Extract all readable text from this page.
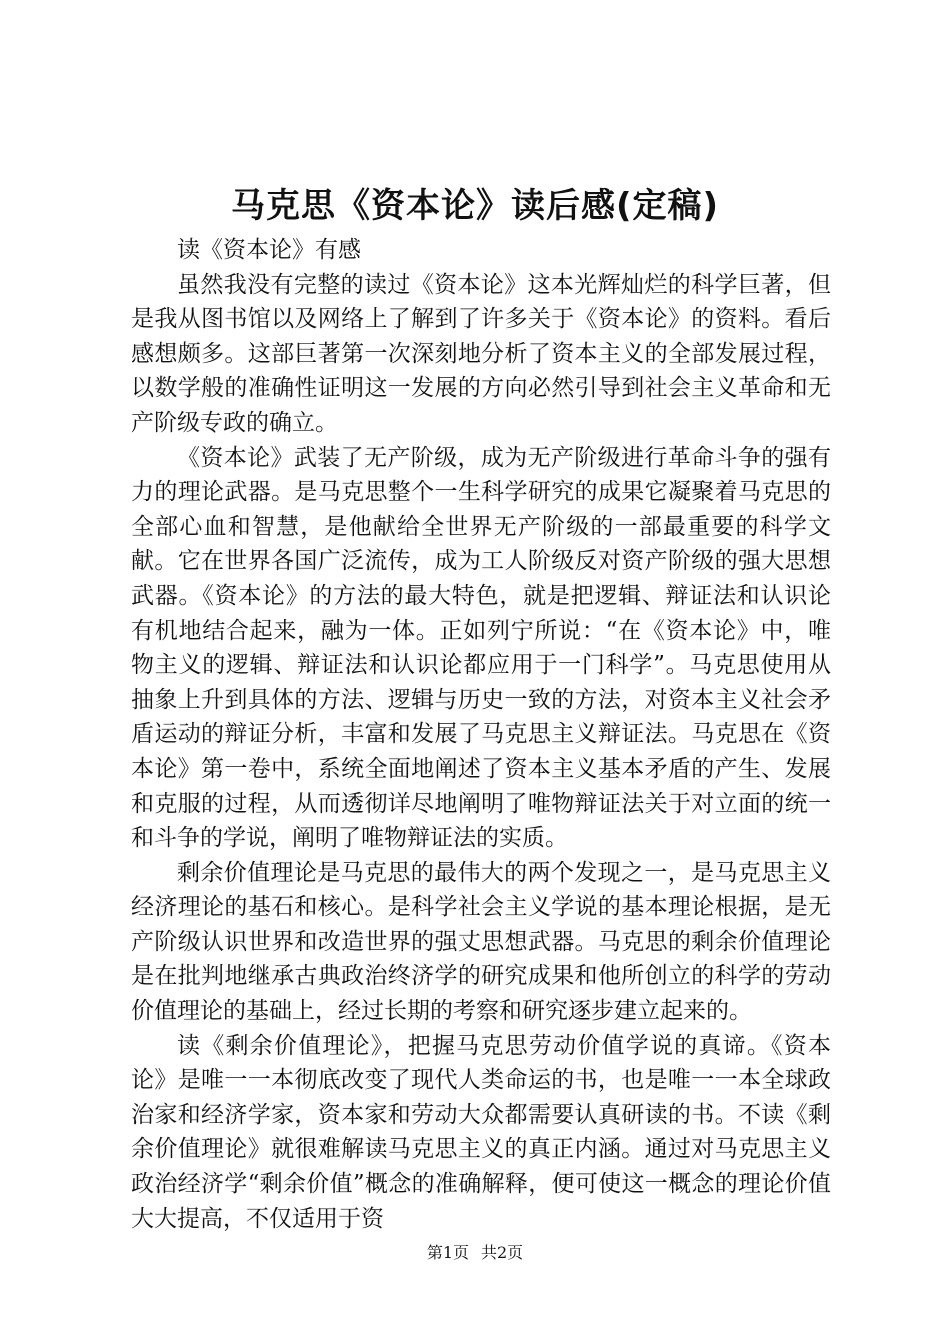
马克思《资本论》读后感(定稿)

读《资本论》有感

虽然我没有完整的读过《资本论》这本光辉灿烂的科学巨著，但是我从图书馆以及网络上了解到了许多关于《资本论》的资料。看后感想颇多。这部巨著第一次深刻地分析了资本主义的全部发展过程，以数学般的准确性证明这一发展的方向必然引导到社会主义革命和无产阶级专政的确立。

《资本论》武装了无产阶级，成为无产阶级进行革命斗争的强有力的理论武器。是马克思整个一生科学研究的成果它凝聚着马克思的全部心血和智慧，是他献给全世界无产阶级的一部最重要的科学文献。它在世界各国广泛流传，成为工人阶级反对资产阶级的强大思想武器。《资本论》的方法的最大特色，就是把逻辑、辩证法和认识论有机地结合起来，融为一体。正如列宁所说：“在《资本论》中，唯物主义的逻辑、辩证法和认识论都应用于一门科学”。马克思使用从抽象上升到具体的方法、逻辑与历史一致的方法，对资本主义社会矛盾运动的辩证分析，丰富和发展了马克思主义辩证法。马克思在《资本论》第一卷中，系统全面地阐述了资本主义基本矛盾的产生、发展和克服的过程，从而透彻详尽地阐明了唯物辩证法关于对立面的统一和斗争的学说，阐明了唯物辩证法的实质。

剩余价值理论是马克思的最伟大的两个发现之一，是马克思主义经济理论的基石和核心。是科学社会主义学说的基本理论根据，是无产阶级认识世界和改造世界的强丈思想武器。马克思的剩余价值理论是在批判地继承古典政治终济学的研究成果和他所创立的科学的劳动价值理论的基础上，经过长期的考察和研究逐步建立起来的。

读《剩余价值理论》，把握马克思劳动价值学说的真谛。《资本论》是唯一一本彻底改变了现代人类命运的书，也是唯一一本全球政治家和经济学家，资本家和劳动大众都需要认真研读的书。不读《剩余价值理论》就很难解读马克思主义的真正内涵。通过对马克思主义政治经济学“剩余价值”概念的准确解释，便可使这一概念的理论价值大大提高，不仅适用于资

第1页 共2页
